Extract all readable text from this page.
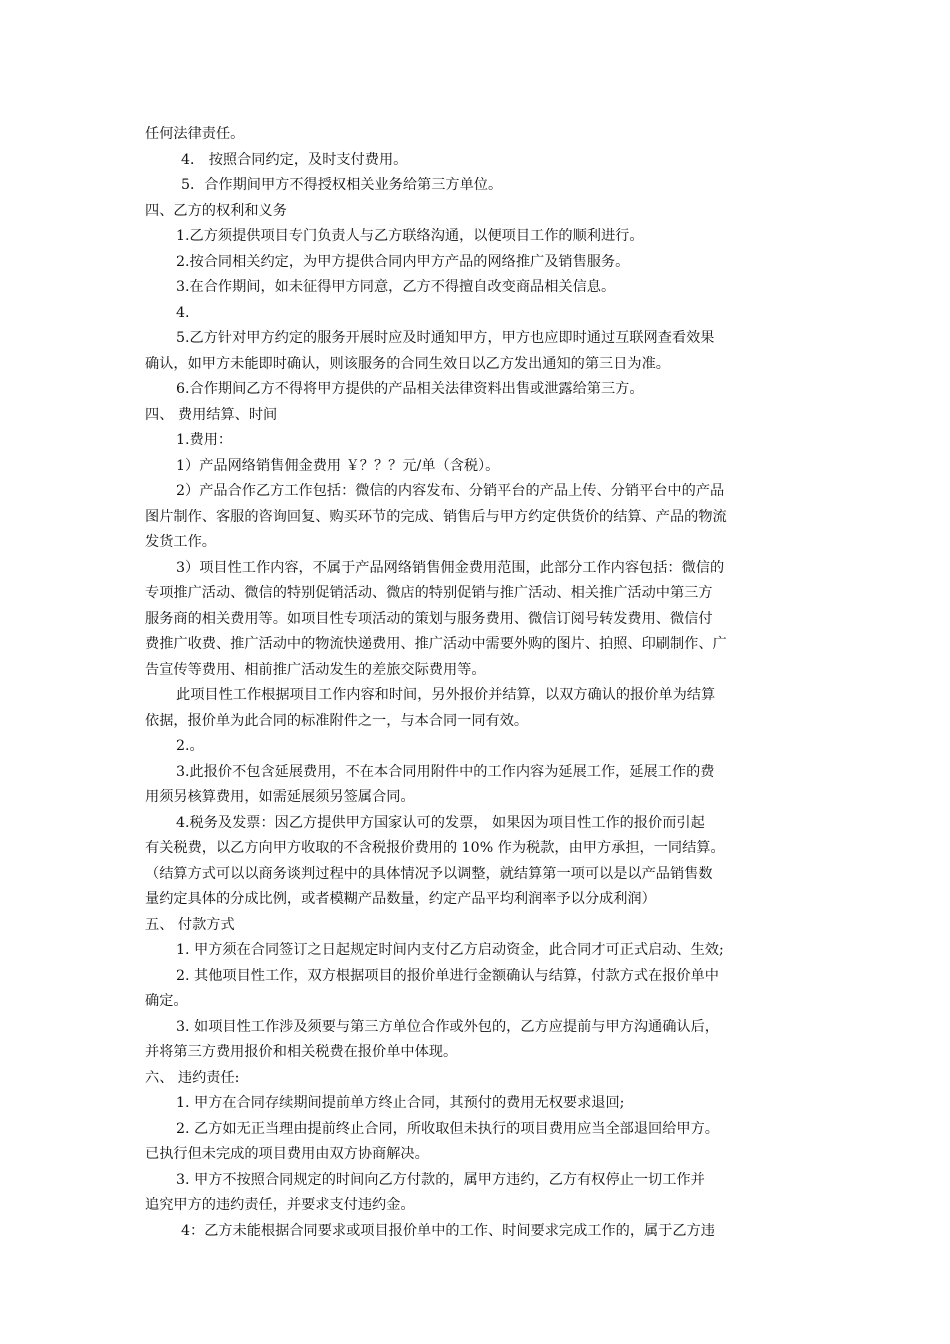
任何法律责任。
4． 按照合同约定，及时支付费用。
5．合作期间甲方不得授权相关业务给第三方单位。
四、乙方的权利和义务
1.乙方须提供项目专门负责人与乙方联络沟通，以便项目工作的顺利进行。
2.按合同相关约定，为甲方提供合同内甲方产品的网络推广及销售服务。
3.在合作期间，如未征得甲方同意，乙方不得擅自改变商品相关信息。
4.
5.乙方针对甲方约定的服务开展时应及时通知甲方，甲方也应即时通过互联网查看效果
确认，如甲方未能即时确认，则该服务的合同生效日以乙方发出通知的第三日为准。
6.合作期间乙方不得将甲方提供的产品相关法律资料出售或泄露给第三方。
四、 费用结算、时间
1.费用：
1）产品网络销售佣金费用 ￥？？？元/单（含税）。
2）产品合作乙方工作包括：微信的内容发布、分销平台的产品上传、分销平台中的产品
图片制作、客服的咨询回复、购买环节的完成、销售后与甲方约定供货价的结算、产品的物流
发货工作。
3）项目性工作内容，不属于产品网络销售佣金费用范围，此部分工作内容包括：微信的
专项推广活动、微信的特别促销活动、微店的特别促销与推广活动、相关推广活动中第三方
服务商的相关费用等。如项目性专项活动的策划与服务费用、微信订阅号转发费用、微信付
费推广收费、推广活动中的物流快递费用、推广活动中需要外购的图片、拍照、印刷制作、广
告宣传等费用、相前推广活动发生的差旅交际费用等。
此项目性工作根据项目工作内容和时间，另外报价并结算，以双方确认的报价单为结算
依据，报价单为此合同的标准附件之一，与本合同一同有效。
2.。
3.此报价不包含延展费用，不在本合同用附件中的工作内容为延展工作，延展工作的费
用须另核算费用，如需延展须另签属合同。
4.税务及发票：因乙方提供甲方国家认可的发票， 如果因为项目性工作的报价而引起
有关税费，以乙方向甲方收取的不含税报价费用的 10% 作为税款，由甲方承担，一同结算。
（结算方式可以以商务谈判过程中的具体情况予以调整，就结算第一项可以是以产品销售数
量约定具体的分成比例，或者模糊产品数量，约定产品平均利润率予以分成利润）
五、 付款方式
1. 甲方须在合同签订之日起规定时间内支付乙方启动资金，此合同才可正式启动、生效;
2. 其他项目性工作，双方根据项目的报价单进行金额确认与结算，付款方式在报价单中
确定。
3. 如项目性工作涉及须要与第三方单位合作或外包的，乙方应提前与甲方沟通确认后，
并将第三方费用报价和相关税费在报价单中体现。
六、 违约责任:
1. 甲方在合同存续期间提前单方终止合同，其预付的费用无权要求退回;
2. 乙方如无正当理由提前终止合同，所收取但未执行的项目费用应当全部退回给甲方。
已执行但未完成的项目费用由双方协商解决。
3. 甲方不按照合同规定的时间向乙方付款的，属甲方违约，乙方有权停止一切工作并
追究甲方的违约责任，并要求支付违约金。
4：乙方未能根据合同要求或项目报价单中的工作、时间要求完成工作的，属于乙方违
